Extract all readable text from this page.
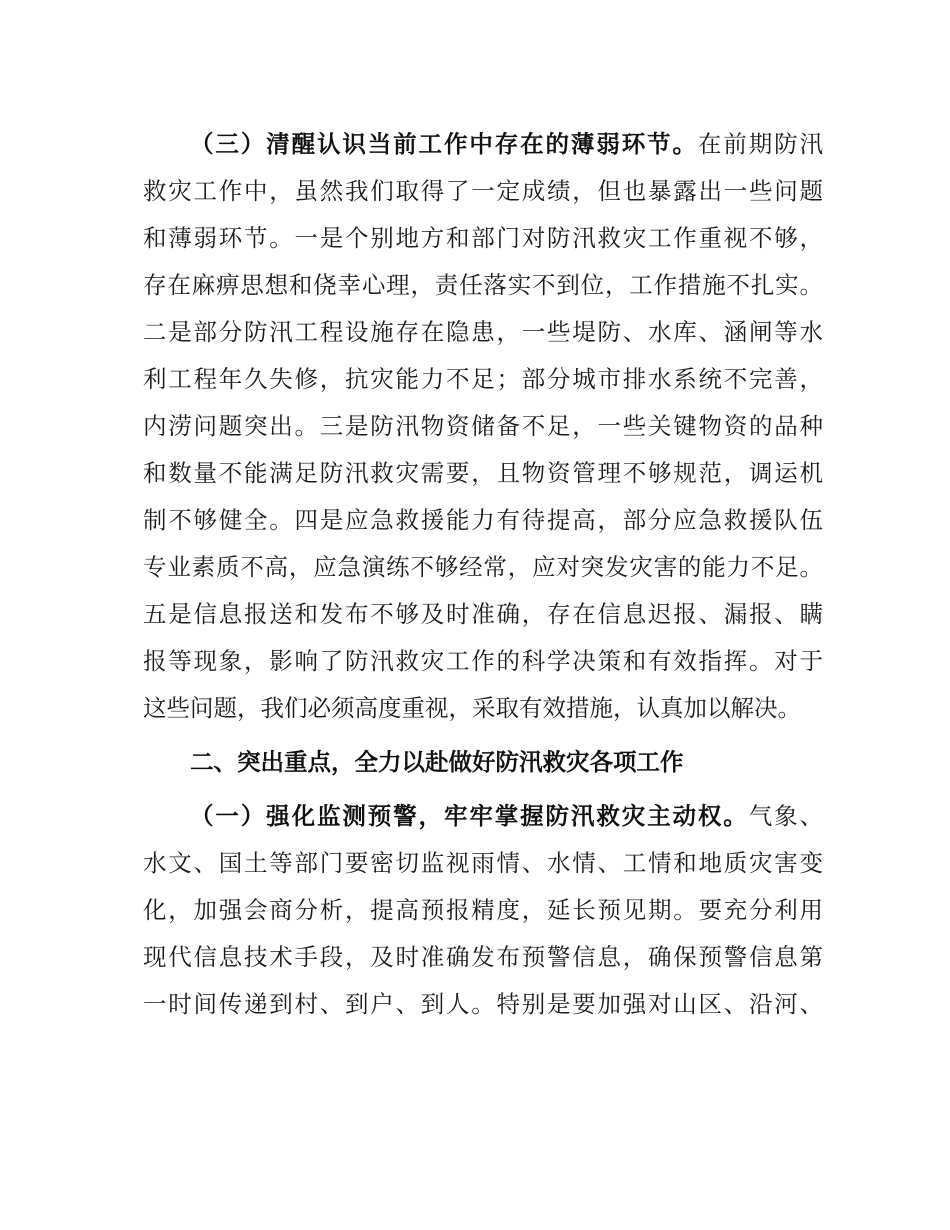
（三）清醒认识当前工作中存在的薄弱环节。在前期防汛
救灾工作中，虽然我们取得了一定成绩，但也暴露出一些问题
和薄弱环节。一是个别地方和部门对防汛救灾工作重视不够，
存在麻痹思想和侥幸心理，责任落实不到位，工作措施不扎实。
二是部分防汛工程设施存在隐患，一些堤防、水库、涵闸等水
利工程年久失修，抗灾能力不足；部分城市排水系统不完善，
内涝问题突出。三是防汛物资储备不足，一些关键物资的品种
和数量不能满足防汛救灾需要，且物资管理不够规范，调运机
制不够健全。四是应急救援能力有待提高，部分应急救援队伍
专业素质不高，应急演练不够经常，应对突发灾害的能力不足。
五是信息报送和发布不够及时准确，存在信息迟报、漏报、瞒
报等现象，影响了防汛救灾工作的科学决策和有效指挥。对于
这些问题，我们必须高度重视，采取有效措施，认真加以解决。
二、突出重点，全力以赴做好防汛救灾各项工作
（一）强化监测预警，牢牢掌握防汛救灾主动权。气象、
水文、国土等部门要密切监视雨情、水情、工情和地质灾害变
化，加强会商分析，提高预报精度，延长预见期。要充分利用
现代信息技术手段，及时准确发布预警信息，确保预警信息第
一时间传递到村、到户、到人。特别是要加强对山区、沿河、
